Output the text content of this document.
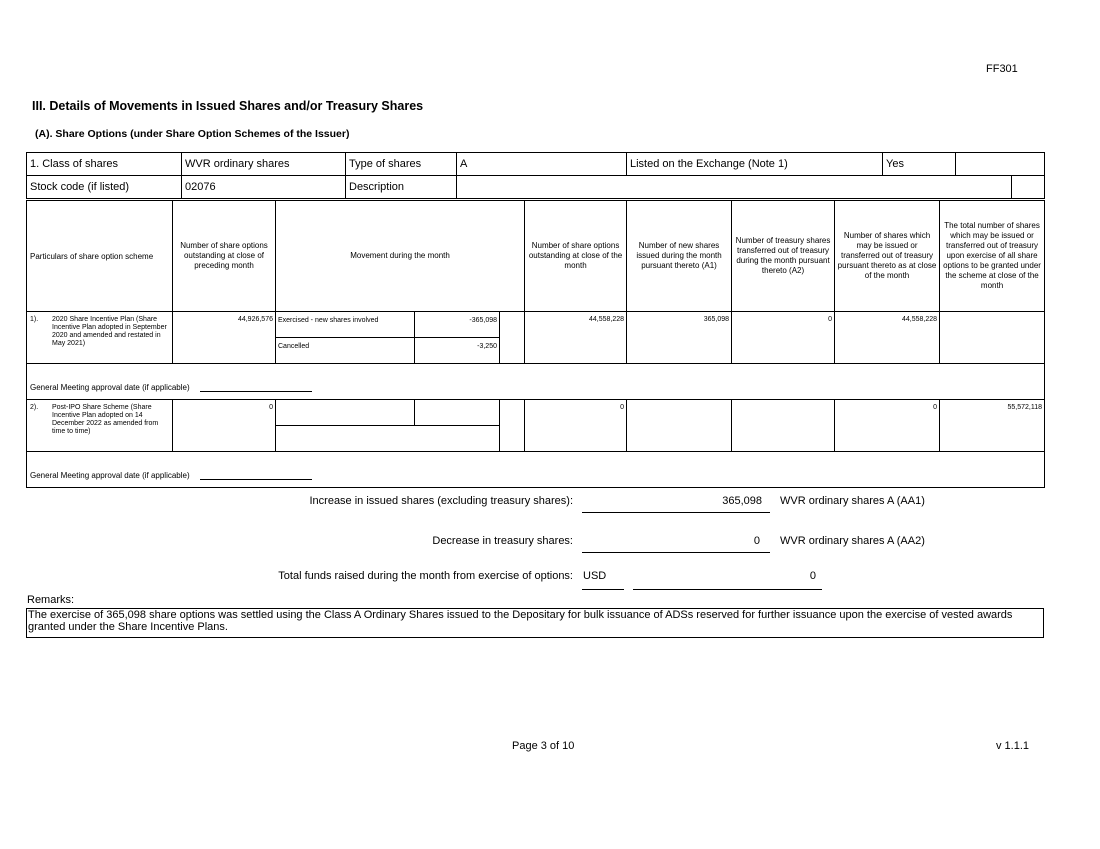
FF301
III. Details of Movements in Issued Shares and/or Treasury Shares
(A). Share Options (under Share Option Schemes of the Issuer)
1. Class of shares	WVR ordinary shares	Type of shares	A	Listed on the Exchange (Note 1)	Yes		
Stock code (if listed)	02076	Description					
Particulars of share option scheme	Number of share options outstanding at close of preceding month	Movement during the month			Number of share options outstanding at close of the month	Number of new shares issued during the month pursuant thereto (A1)	Number of treasury shares transferred out of treasury during the month pursuant thereto (A2)	Number of shares which may be issued or transferred out of treasury pursuant thereto as at close of the month	The total number of shares which may be issued or transferred out of treasury upon exercise of all share options to be granted under the scheme at close of the month

1). 2020 Share Incentive Plan (Share Incentive Plan adopted in September 2020 and amended and restated in May 2021)	44,926,576	Exercised - new shares involved	-365,098		44,558,228	365,098	0	44,558,228	
		Cancelled	-3,250						
General Meeting approval date (if applicable)									

2). Post-IPO Share Scheme (Share Incentive Plan adopted on 14 December 2022 as amended from time to time)	0				0			0	55,572,118

General Meeting approval date (if applicable)									
Increase in issued shares (excluding treasury shares):	365,098 WVR ordinary shares A (AA1)
Decrease in treasury shares:	0 WVR ordinary shares A (AA2)
Total funds raised during the month from exercise of options: USD	0
Remarks:
The exercise of 365,098 share options was settled using the Class A Ordinary Shares issued to the Depositary for bulk issuance of ADSs reserved for further issuance upon the exercise of vested awards granted under the Share Incentive Plans.
Page 3 of 10	v 1.1.1
